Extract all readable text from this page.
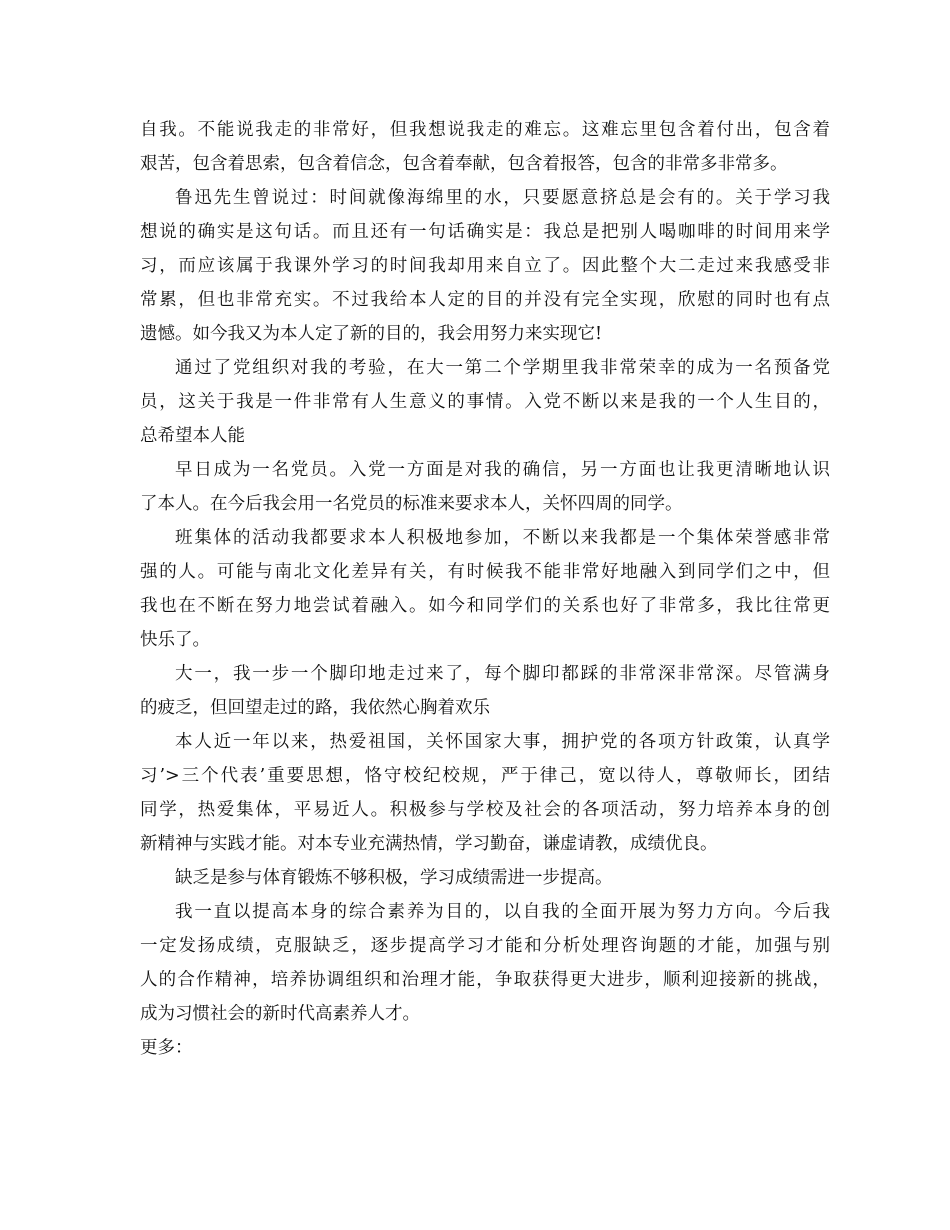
自我。不能说我走的非常好，但我想说我走的难忘。这难忘里包含着付出，包含着
艰苦，包含着思索，包含着信念，包含着奉献，包含着报答，包含的非常多非常多。
鲁迅先生曾说过：时间就像海绵里的水，只要愿意挤总是会有的。关于学习我
想说的确实是这句话。而且还有一句话确实是：我总是把别人喝咖啡的时间用来学
习，而应该属于我课外学习的时间我却用来自立了。因此整个大二走过来我感受非
常累，但也非常充实。不过我给本人定的目的并没有完全实现，欣慰的同时也有点
遗憾。如今我又为本人定了新的目的，我会用努力来实现它!
通过了党组织对我的考验，在大一第二个学期里我非常荣幸的成为一名预备党
员，这关于我是一件非常有人生意义的事情。入党不断以来是我的一个人生目的，
总希望本人能
早日成为一名党员。入党一方面是对我的确信，另一方面也让我更清晰地认识
了本人。在今后我会用一名党员的标准来要求本人，关怀四周的同学。
班集体的活动我都要求本人积极地参加，不断以来我都是一个集体荣誉感非常
强的人。可能与南北文化差异有关，有时候我不能非常好地融入到同学们之中，但
我也在不断在努力地尝试着融入。如今和同学们的关系也好了非常多，我比往常更
快乐了。
大一，我一步一个脚印地走过来了，每个脚印都踩的非常深非常深。尽管满身
的疲乏，但回望走过的路，我依然心胸着欢乐
本人近一年以来，热爱祖国，关怀国家大事，拥护党的各项方针政策，认真学
习’>三个代表’重要思想，恪守校纪校规，严于律己，宽以待人，尊敬师长，团结
同学，热爱集体，平易近人。积极参与学校及社会的各项活动，努力培养本身的创
新精神与实践才能。对本专业充满热情，学习勤奋，谦虚请教，成绩优良。
缺乏是参与体育锻炼不够积极，学习成绩需进一步提高。
我一直以提高本身的综合素养为目的，以自我的全面开展为努力方向。今后我
一定发扬成绩，克服缺乏，逐步提高学习才能和分析处理咨询题的才能，加强与别
人的合作精神，培养协调组织和治理才能，争取获得更大进步，顺利迎接新的挑战，
成为习惯社会的新时代高素养人才。
更多：
